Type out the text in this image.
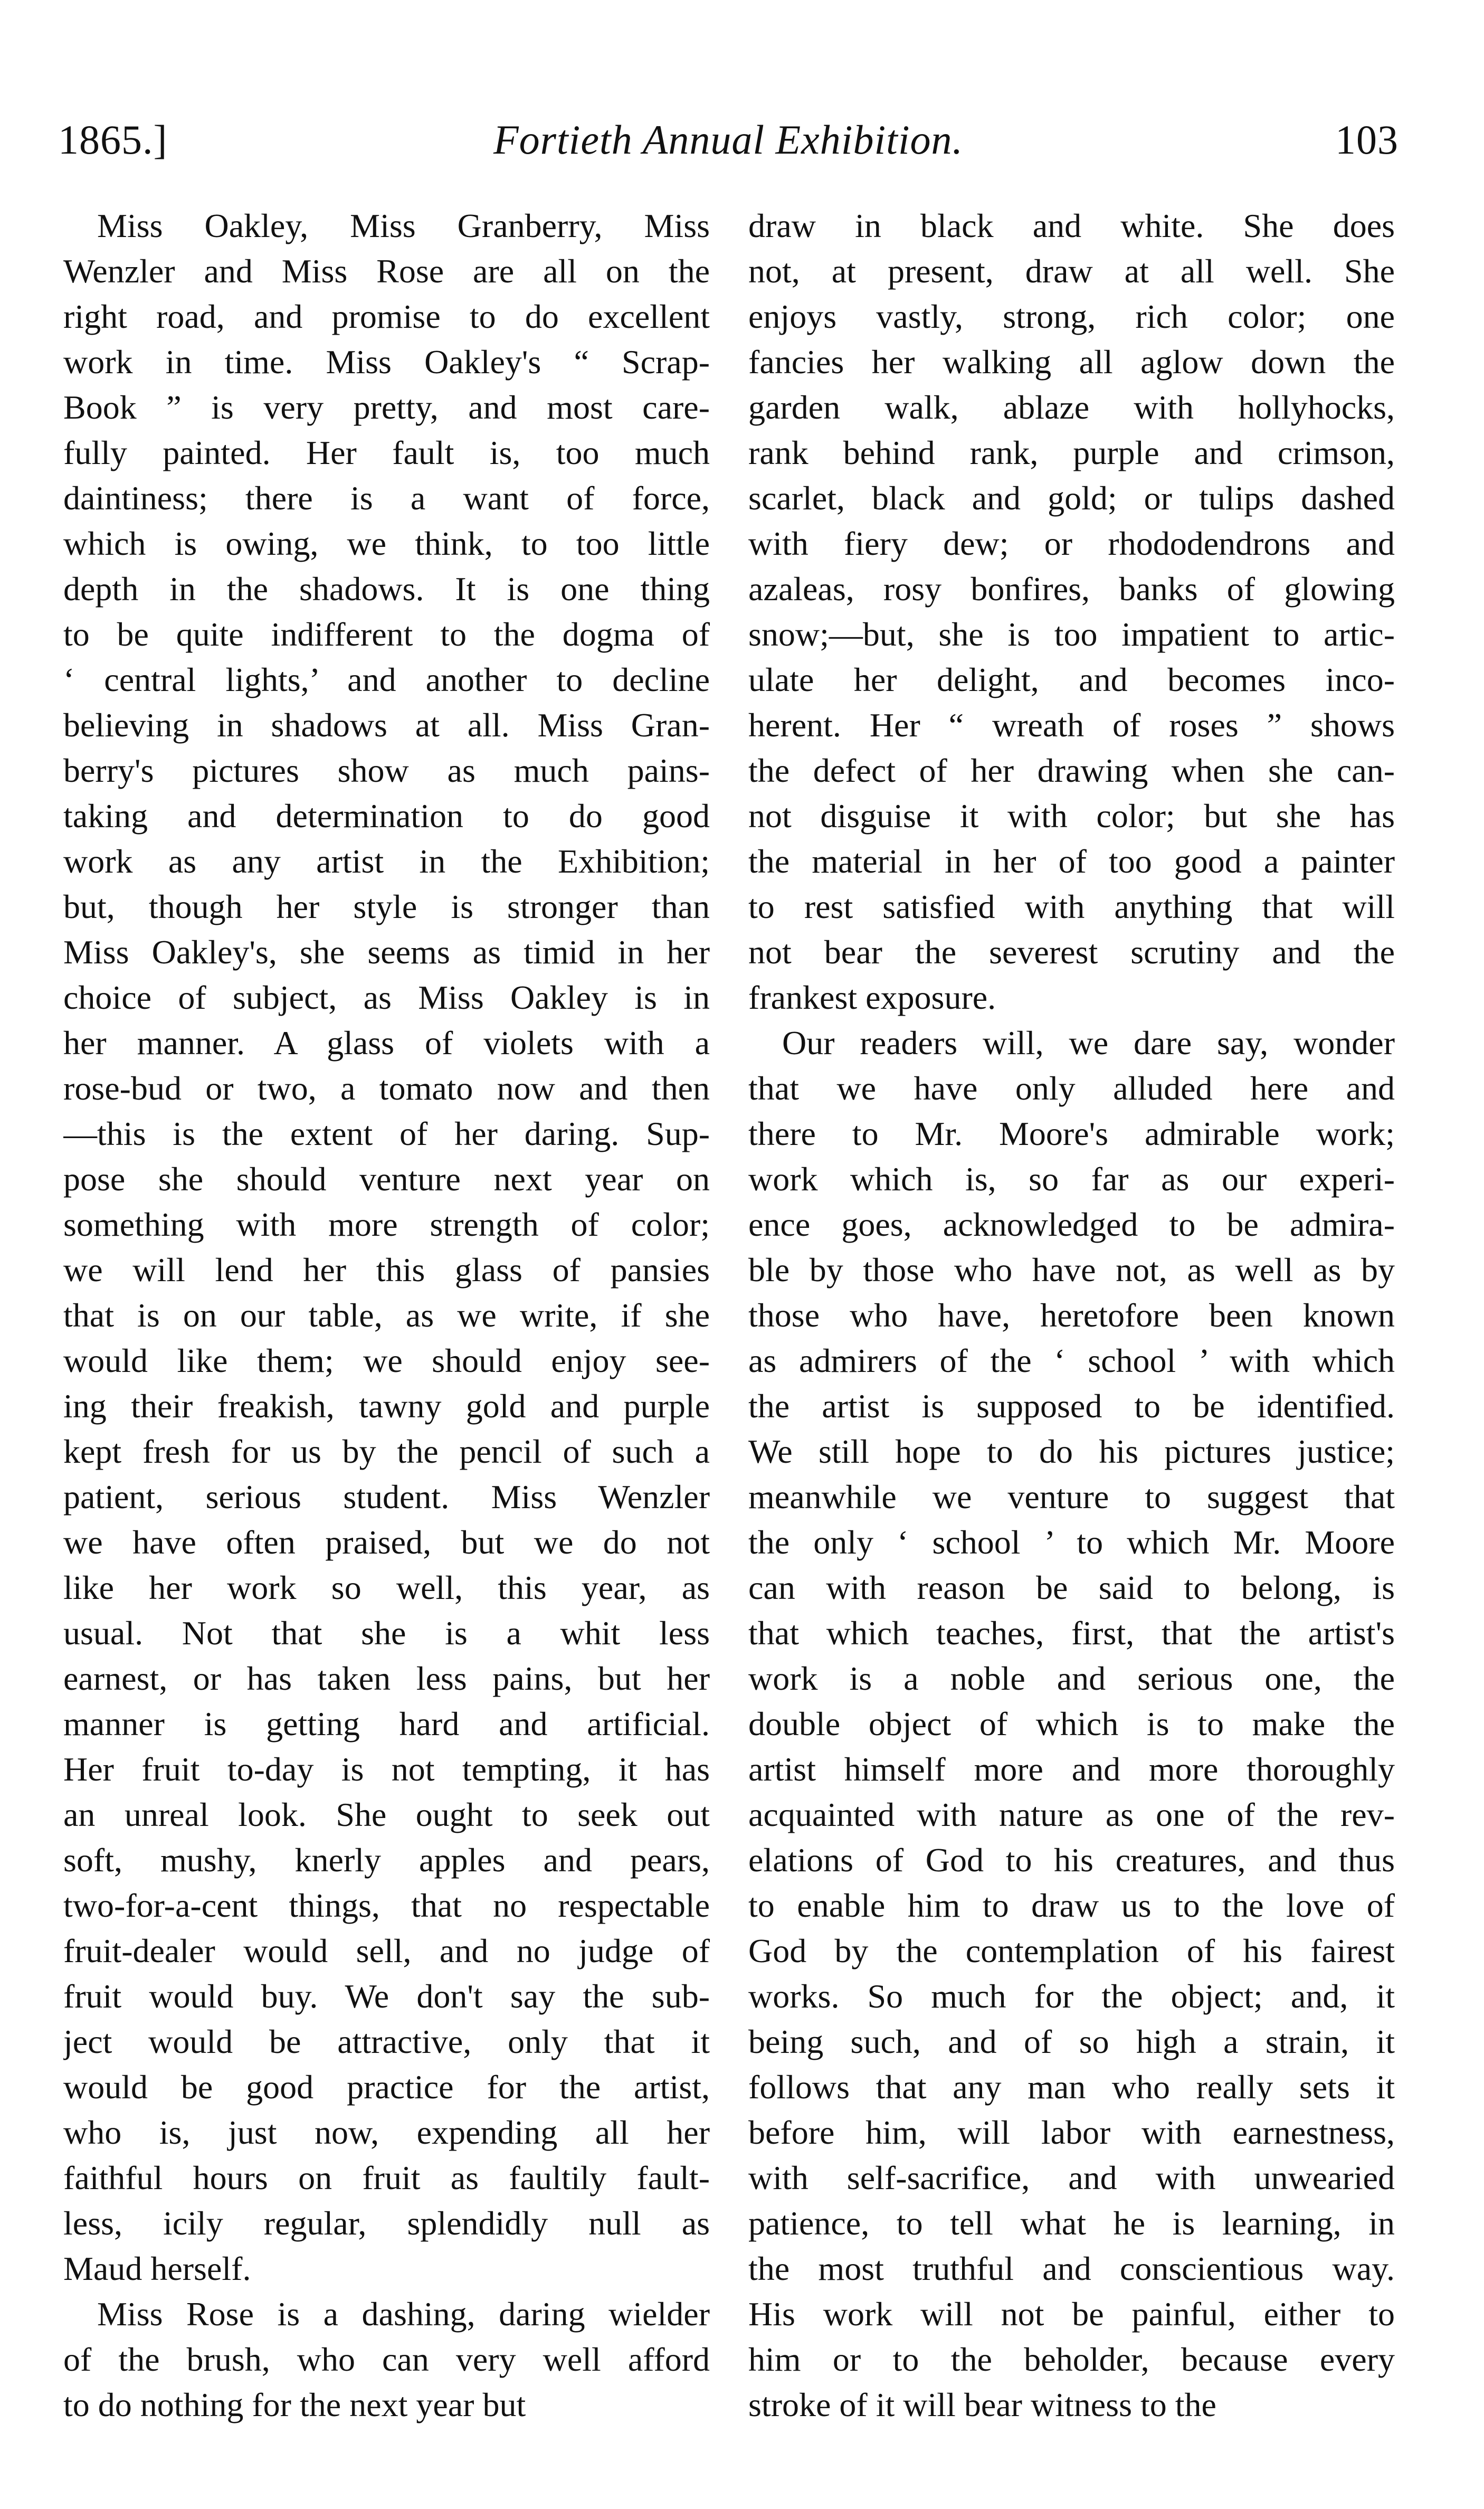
1865.]	Fortieth Annual Exhibition.	103
 Miss Oakley, Miss Granberry, Miss
Wenzler and Miss Rose are all on the
right road, and promise to do excellent
work in time. Miss Oakley's “ Scrap-
Book ” is very pretty, and most care-
fully painted. Her fault is, too much
daintiness; there is a want of force,
which is owing, we think, to too little
depth in the shadows. It is one thing
to be quite indifferent to the dogma of
‘ central lights,’ and another to decline
believing in shadows at all. Miss Gran-
berry's pictures show as much pains-
taking and determination to do good
work as any artist in the Exhibition;
but, though her style is stronger than
Miss Oakley's, she seems as timid in her
choice of subject, as Miss Oakley is in
her manner. A glass of violets with a
rose-bud or two, a tomato now and then
—this is the extent of her daring. Sup-
pose she should venture next year on
something with more strength of color;
we will lend her this glass of pansies
that is on our table, as we write, if she
would like them; we should enjoy see-
ing their freakish, tawny gold and purple
kept fresh for us by the pencil of such a
patient, serious student. Miss Wenzler
we have often praised, but we do not
like her work so well, this year, as
usual. Not that she is a whit less
earnest, or has taken less pains, but her
manner is getting hard and artificial.
Her fruit to-day is not tempting, it has
an unreal look. She ought to seek out
soft, mushy, knerly apples and pears,
two-for-a-cent things, that no respectable
fruit-dealer would sell, and no judge of
fruit would buy. We don't say the sub-
ject would be attractive, only that it
would be good practice for the artist,
who is, just now, expending all her
faithful hours on fruit as faultily fault-
less, icily regular, splendidly null as
Maud herself.
 Miss Rose is a dashing, daring wielder
of the brush, who can very well afford
to do nothing for the next year but
draw in black and white. She does
not, at present, draw at all well. She
enjoys vastly, strong, rich color; one
fancies her walking all aglow down the
garden walk, ablaze with hollyhocks,
rank behind rank, purple and crimson,
scarlet, black and gold; or tulips dashed
with fiery dew; or rhododendrons and
azaleas, rosy bonfires, banks of glowing
snow;—but, she is too impatient to artic-
ulate her delight, and becomes inco-
herent. Her “ wreath of roses ” shows
the defect of her drawing when she can-
not disguise it with color; but she has
the material in her of too good a painter
to rest satisfied with anything that will
not bear the severest scrutiny and the
frankest exposure.
 Our readers will, we dare say, wonder
that we have only alluded here and
there to Mr. Moore's admirable work;
work which is, so far as our experi-
ence goes, acknowledged to be admira-
ble by those who have not, as well as by
those who have, heretofore been known
as admirers of the ‘ school ’ with which
the artist is supposed to be identified.
We still hope to do his pictures justice;
meanwhile we venture to suggest that
the only ‘ school ’ to which Mr. Moore
can with reason be said to belong, is
that which teaches, first, that the artist's
work is a noble and serious one, the
double object of which is to make the
artist himself more and more thoroughly
acquainted with nature as one of the rev-
elations of God to his creatures, and thus
to enable him to draw us to the love of
God by the contemplation of his fairest
works. So much for the object; and, it
being such, and of so high a strain, it
follows that any man who really sets it
before him, will labor with earnestness,
with self-sacrifice, and with unwearied
patience, to tell what he is learning, in
the most truthful and conscientious way.
His work will not be painful, either to
him or to the beholder, because every
stroke of it will bear witness to the
